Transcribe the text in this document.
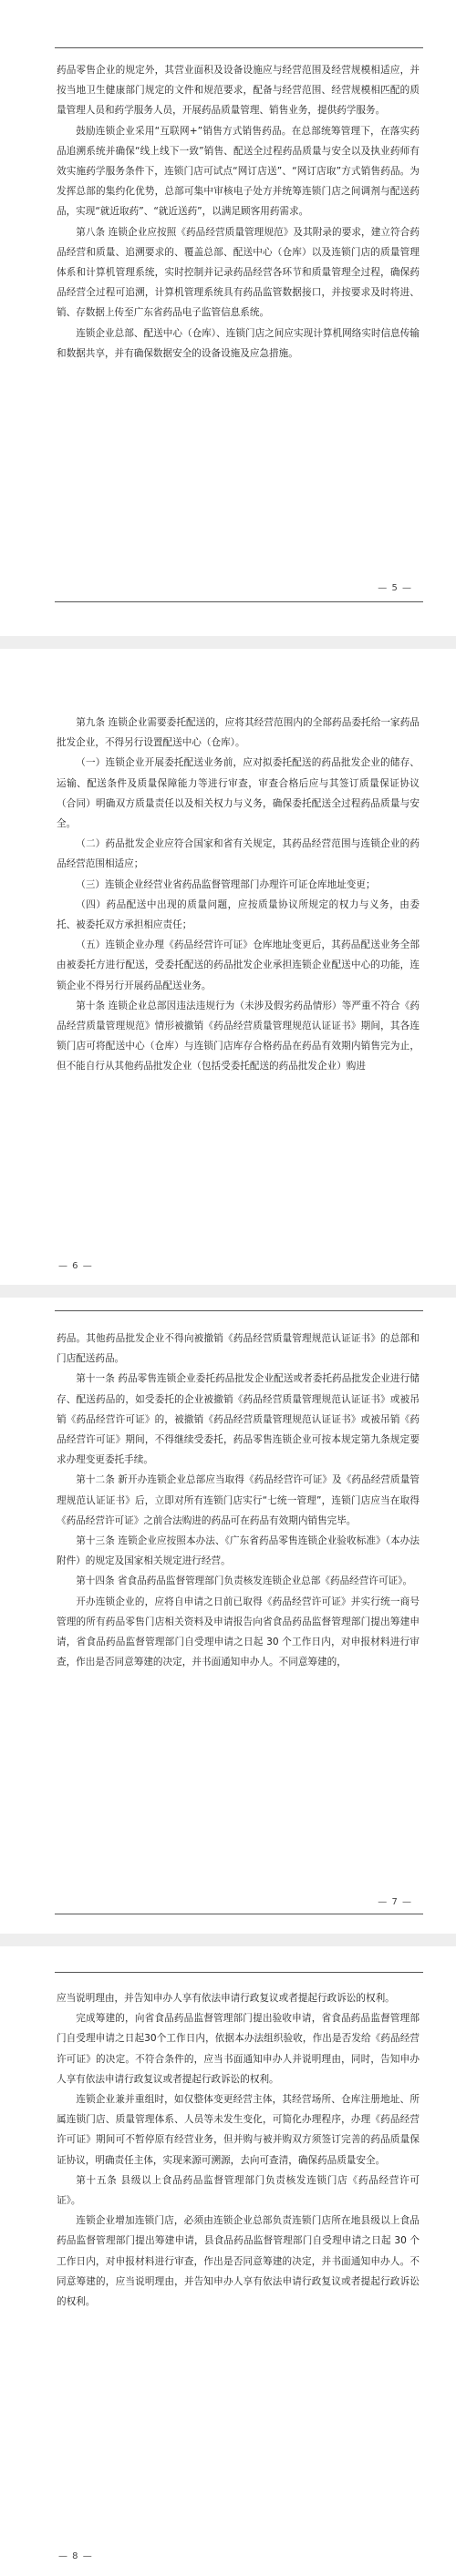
药品零售企业的规定外，其营业面积及设备设施应与经营范围及经营规模相适应，并按当地卫生健康部门规定的文件和规范要求，配备与经营范围、经营规模相匹配的质量管理人员和药学服务人员，开展药品质量管理、销售业务，提供药学服务。

鼓励连锁企业采用“互联网+”销售方式销售药品。在总部统筹管理下，在落实药品追溯系统并确保“线上线下一致”销售、配送全过程药品质量与安全以及执业药师有效实施药学服务条件下，连锁门店可试点“网订店送”、“网订店取”方式销售药品。为发挥总部的集约化优势，总部可集中审核电子处方并统筹连锁门店之间调剂与配送药品，实现“就近取药”、“就近送药”，以满足顾客用药需求。

第八条 连锁企业应按照《药品经营质量管理规范》及其附录的要求，建立符合药品经营和质量、追溯要求的、覆盖总部、配送中心（仓库）以及连锁门店的质量管理体系和计算机管理系统，实时控制并记录药品经营各环节和质量管理全过程，确保药品经营全过程可追溯，计算机管理系统具有药品监管数据接口，并按要求及时将进、销、存数据上传至广东省药品电子监管信息系统。

连锁企业总部、配送中心（仓库）、连锁门店之间应实现计算机网络实时信息传输和数据共享，并有确保数据安全的设备设施及应急措施。

— 5 —

第九条 连锁企业需要委托配送的，应将其经营范围内的全部药品委托给一家药品批发企业，不得另行设置配送中心（仓库）。

（一）连锁企业开展委托配送业务前，应对拟委托配送的药品批发企业的储存、运输、配送条件及质量保障能力等进行审查，审查合格后应与其签订质量保证协议（合同）明确双方质量责任以及相关权力与义务，确保委托配送全过程药品质量与安全。

（二）药品批发企业应符合国家和省有关规定，其药品经营范围与连锁企业的药品经营范围相适应；

（三）连锁企业经营业省药品监督管理部门办理许可证仓库地址变更；

（四）药品配送中出现的质量问题，应按质量协议所规定的权力与义务，由委托、被委托双方承担相应责任；

（五）连锁企业办理《药品经营许可证》仓库地址变更后，其药品配送业务全部由被委托方进行配送，受委托配送的药品批发企业承担连锁企业配送中心的功能，连锁企业不得另行开展药品配送业务。

第十条 连锁企业总部因违法违规行为（未涉及假劣药品情形）等严重不符合《药品经营质量管理规范》情形被撤销《药品经营质量管理规范认证证书》期间，其各连锁门店可将配送中心（仓库）与连锁门店库存合格药品在药品有效期内销售完为止，但不能自行从其他药品批发企业（包括受委托配送的药品批发企业）购进

— 6 —

药品。其他药品批发企业不得向被撤销《药品经营质量管理规范认证证书》的总部和门店配送药品。

第十一条 药品零售连锁企业委托药品批发企业配送或者委托药品批发企业进行储存、配送药品的，如受委托的企业被撤销《药品经营质量管理规范认证证书》或被吊销《药品经营许可证》的，被撤销《药品经营质量管理规范认证证书》或被吊销《药品经营许可证》期间，不得继续受委托，药品零售连锁企业可按本规定第九条规定要求办理变更委托手续。

第十二条 新开办连锁企业总部应当取得《药品经营许可证》及《药品经营质量管理规范认证证书》后，立即对所有连锁门店实行“七统一管理”，连锁门店应当在取得《药品经营许可证》之前合法购进的药品可在药品有效期内销售完毕。

第十三条 连锁企业应按照本办法、《广东省药品零售连锁企业验收标准》（本办法附件）的规定及国家相关规定进行经营。

第十四条 省食品药品监督管理部门负责核发连锁企业总部《药品经营许可证》。

开办连锁企业的，应将自申请之日前已取得《药品经营许可证》并实行统一商号管理的所有药品零售门店相关资料及申请报告向省食品药品监督管理部门提出筹建申请，省食品药品监督管理部门自受理申请之日起 30 个工作日内，对申报材料进行审查，作出是否同意筹建的决定，并书面通知申办人。不同意筹建的，

— 7 —

应当说明理由，并告知申办人享有依法申请行政复议或者提起行政诉讼的权利。

完成筹建的，向省食品药品监督管理部门提出验收申请，省食品药品监督管理部门自受理申请之日起30个工作日内，依据本办法组织验收，作出是否发给《药品经营许可证》的决定。不符合条件的，应当书面通知申办人并说明理由，同时，告知申办人享有依法申请行政复议或者提起行政诉讼的权利。

连锁企业兼并重组时，如仅整体变更经营主体，其经营场所、仓库注册地址、所属连锁门店、质量管理体系、人员等未发生变化，可简化办理程序，办理《药品经营许可证》期间可不暂停原有经营业务，但并购与被并购双方须签订完善的药品质量保证协议，明确责任主体，实现来源可溯源，去向可查清，确保药品质量安全。

第十五条 县级以上食品药品监督管理部门负责核发连锁门店《药品经营许可证》。

连锁企业增加连锁门店，必须由连锁企业总部负责连锁门店所在地县级以上食品药品监督管理部门提出筹建申请，县食品药品监督管理部门自受理申请之日起 30 个工作日内，对申报材料进行审查，作出是否同意筹建的决定，并书面通知申办人。不同意筹建的，应当说明理由，并告知申办人享有依法申请行政复议或者提起行政诉讼的权利。

— 8 —
